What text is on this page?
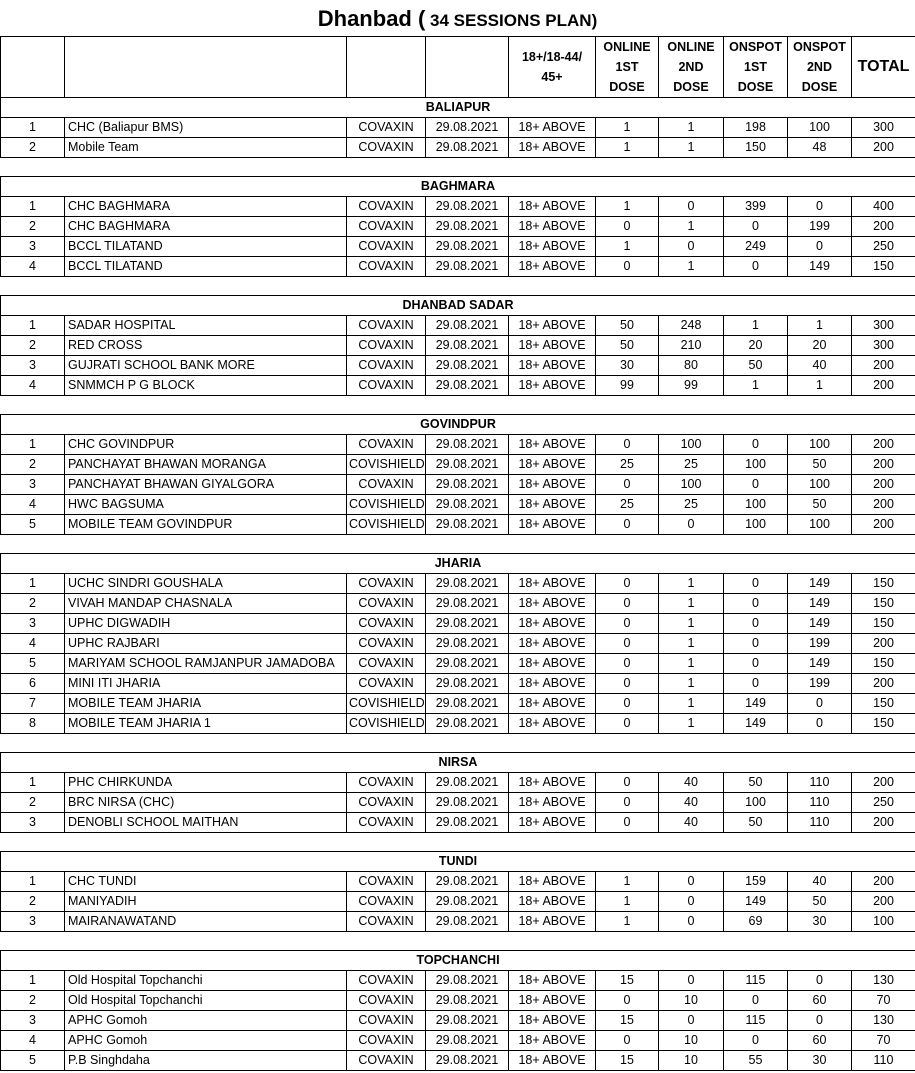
Dhanbad ( 34 SESSIONS PLAN)
				18+/18-44/ 45+	ONLINE 1ST DOSE	ONLINE 2ND DOSE	ONSPOT 1ST DOSE	ONSPOT 2ND DOSE	TOTAL
BALIAPUR									
1	CHC (Baliapur BMS)	COVAXIN	29.08.2021	18+ ABOVE	1	1	198	100	300
2	Mobile Team	COVAXIN	29.08.2021	18+ ABOVE	1	1	150	48	200

BAGHMARA									
1	CHC BAGHMARA	COVAXIN	29.08.2021	18+ ABOVE	1	0	399	0	400
2	CHC BAGHMARA	COVAXIN	29.08.2021	18+ ABOVE	0	1	0	199	200
3	BCCL TILATAND	COVAXIN	29.08.2021	18+ ABOVE	1	0	249	0	250
4	BCCL TILATAND	COVAXIN	29.08.2021	18+ ABOVE	0	1	0	149	150

DHANBAD SADAR									
1	SADAR HOSPITAL	COVAXIN	29.08.2021	18+ ABOVE	50	248	1	1	300
2	RED CROSS	COVAXIN	29.08.2021	18+ ABOVE	50	210	20	20	300
3	GUJRATI SCHOOL BANK MORE	COVAXIN	29.08.2021	18+ ABOVE	30	80	50	40	200
4	SNMMCH P G BLOCK	COVAXIN	29.08.2021	18+ ABOVE	99	99	1	1	200

GOVINDPUR									
1	CHC GOVINDPUR	COVAXIN	29.08.2021	18+ ABOVE	0	100	0	100	200
2	PANCHAYAT BHAWAN MORANGA	COVISHIELD	29.08.2021	18+ ABOVE	25	25	100	50	200
3	PANCHAYAT BHAWAN GIYALGORA	COVAXIN	29.08.2021	18+ ABOVE	0	100	0	100	200
4	HWC BAGSUMA	COVISHIELD	29.08.2021	18+ ABOVE	25	25	100	50	200
5	MOBILE TEAM GOVINDPUR	COVISHIELD	29.08.2021	18+ ABOVE	0	0	100	100	200

JHARIA									
1	UCHC SINDRI GOUSHALA	COVAXIN	29.08.2021	18+ ABOVE	0	1	0	149	150
2	VIVAH MANDAP CHASNALA	COVAXIN	29.08.2021	18+ ABOVE	0	1	0	149	150
3	UPHC DIGWADIH	COVAXIN	29.08.2021	18+ ABOVE	0	1	0	149	150
4	UPHC RAJBARI	COVAXIN	29.08.2021	18+ ABOVE	0	1	0	199	200
5	MARIYAM SCHOOL RAMJANPUR JAMADOBA	COVAXIN	29.08.2021	18+ ABOVE	0	1	0	149	150
6	MINI ITI JHARIA	COVAXIN	29.08.2021	18+ ABOVE	0	1	0	199	200
7	MOBILE TEAM JHARIA	COVISHIELD	29.08.2021	18+ ABOVE	0	1	149	0	150
8	MOBILE TEAM JHARIA 1	COVISHIELD	29.08.2021	18+ ABOVE	0	1	149	0	150

NIRSA									
1	PHC CHIRKUNDA	COVAXIN	29.08.2021	18+ ABOVE	0	40	50	110	200
2	BRC NIRSA (CHC)	COVAXIN	29.08.2021	18+ ABOVE	0	40	100	110	250
3	DENOBLI SCHOOL MAITHAN	COVAXIN	29.08.2021	18+ ABOVE	0	40	50	110	200

TUNDI									
1	CHC TUNDI	COVAXIN	29.08.2021	18+ ABOVE	1	0	159	40	200
2	MANIYADIH	COVAXIN	29.08.2021	18+ ABOVE	1	0	149	50	200
3	MAIRANAWATAND	COVAXIN	29.08.2021	18+ ABOVE	1	0	69	30	100

TOPCHANCHI									
1	Old Hospital Topchanchi	COVAXIN	29.08.2021	18+ ABOVE	15	0	115	0	130
2	Old Hospital Topchanchi	COVAXIN	29.08.2021	18+ ABOVE	0	10	0	60	70
3	APHC Gomoh	COVAXIN	29.08.2021	18+ ABOVE	15	0	115	0	130
4	APHC Gomoh	COVAXIN	29.08.2021	18+ ABOVE	0	10	0	60	70
5	P.B Singhdaha	COVAXIN	29.08.2021	18+ ABOVE	15	10	55	30	110
